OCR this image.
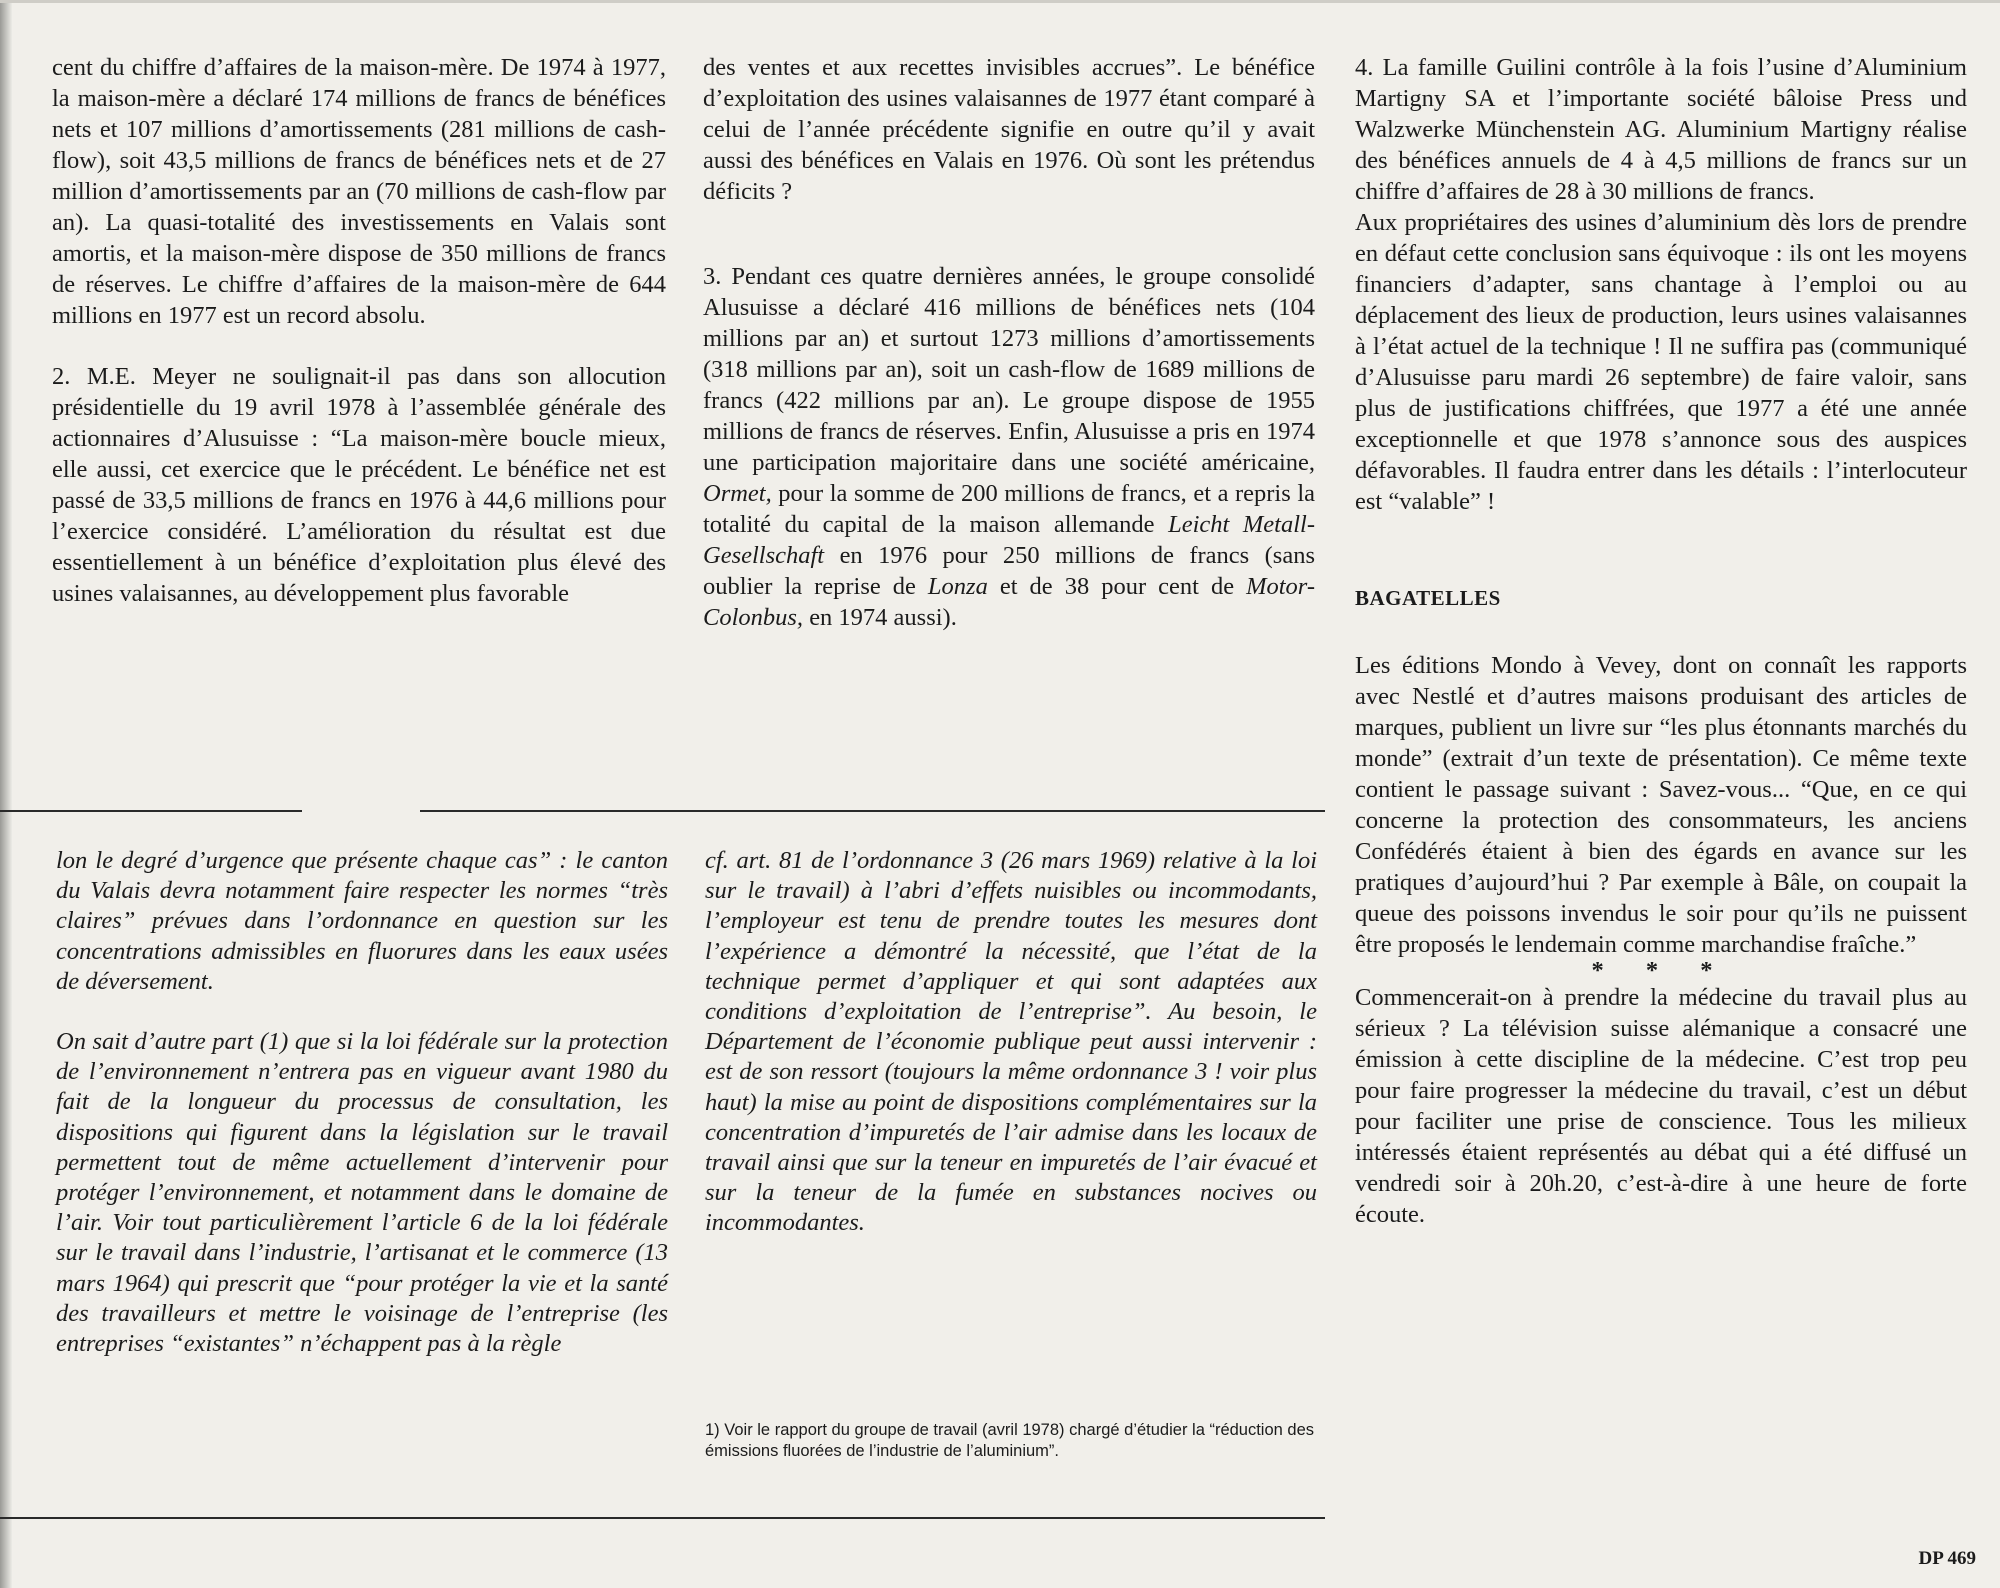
cent du chiffre d’affaires de la maison-mère. De 1974 à 1977, la maison-mère a déclaré 174 millions de francs de bénéfices nets et 107 millions d’amortissements (281 millions de cash-flow), soit 43,5 millions de francs de bénéfices nets et de 27 million d’amortissements par an (70 millions de cash-flow par an). La quasi-totalité des investissements en Valais sont amortis, et la maison-mère dispose de 350 millions de francs de réserves. Le chiffre d’affaires de la maison-mère de 644 millions en 1977 est un record absolu.

2. M.E. Meyer ne soulignait-il pas dans son allocution présidentielle du 19 avril 1978 à l’assemblée générale des actionnaires d’Alusuisse : “La maison-mère boucle mieux, elle aussi, cet exercice que le précédent. Le bénéfice net est passé de 33,5 millions de francs en 1976 à 44,6 millions pour l’exercice considéré. L’amélioration du résultat est due essentiellement à un bénéfice d’exploitation plus élevé des usines valaisannes, au développement plus favorable

des ventes et aux recettes invisibles accrues”. Le bénéfice d’exploitation des usines valaisannes de 1977 étant comparé à celui de l’année précédente signifie en outre qu’il y avait aussi des bénéfices en Valais en 1976. Où sont les prétendus déficits ?

3. Pendant ces quatre dernières années, le groupe consolidé Alusuisse a déclaré 416 millions de bénéfices nets (104 millions par an) et surtout 1273 millions d’amortissements (318 millions par an), soit un cash-flow de 1689 millions de francs (422 millions par an). Le groupe dispose de 1955 millions de francs de réserves. Enfin, Alusuisse a pris en 1974 une participation majoritaire dans une société américaine, Ormet, pour la somme de 200 millions de francs, et a repris la totalité du capital de la maison allemande Leicht Metall-Gesellschaft en 1976 pour 250 millions de francs (sans oublier la reprise de Lonza et de 38 pour cent de Motor-Colonbus, en 1974 aussi).

4. La famille Guilini contrôle à la fois l’usine d’Aluminium Martigny SA et l’importante société bâloise Press und Walzwerke Münchenstein AG. Aluminium Martigny réalise des bénéfices annuels de 4 à 4,5 millions de francs sur un chiffre d’affaires de 28 à 30 millions de francs.

Aux propriétaires des usines d’aluminium dès lors de prendre en défaut cette conclusion sans équivoque : ils ont les moyens financiers d’adapter, sans chantage à l’emploi ou au déplacement des lieux de production, leurs usines valaisannes à l’état actuel de la technique ! Il ne suffira pas (communiqué d’Alusuisse paru mardi 26 septembre) de faire valoir, sans plus de justifications chiffrées, que 1977 a été une année exceptionnelle et que 1978 s’annonce sous des auspices défavorables. Il faudra entrer dans les détails : l’interlocuteur est “valable” !

BAGATELLES

Les éditions Mondo à Vevey, dont on connaît les rapports avec Nestlé et d’autres maisons produisant des articles de marques, publient un livre sur “les plus étonnants marchés du monde” (extrait d’un texte de présentation). Ce même texte contient le passage suivant : Savez-vous... “Que, en ce qui concerne la protection des consommateurs, les anciens Confédérés étaient à bien des égards en avance sur les pratiques d’aujourd’hui ? Par exemple à Bâle, on coupait la queue des poissons invendus le soir pour qu’ils ne puissent être proposés le lendemain comme marchandise fraîche.”

* * *

Commencerait-on à prendre la médecine du travail plus au sérieux ? La télévision suisse alémanique a consacré une émission à cette discipline de la médecine. C’est trop peu pour faire progresser la médecine du travail, c’est un début pour faciliter une prise de conscience. Tous les milieux intéressés étaient représentés au débat qui a été diffusé un vendredi soir à 20h.20, c’est-à-dire à une heure de forte écoute.

lon le degré d’urgence que présente chaque cas” : le canton du Valais devra notamment faire respecter les normes “très claires” prévues dans l’ordonnance en question sur les concentrations admissibles en fluorures dans les eaux usées de déversement.

On sait d’autre part (1) que si la loi fédérale sur la protection de l’environnement n’entrera pas en vigueur avant 1980 du fait de la longueur du processus de consultation, les dispositions qui figurent dans la législation sur le travail permettent tout de même actuellement d’intervenir pour protéger l’environnement, et notamment dans le domaine de l’air. Voir tout particulièrement l’article 6 de la loi fédérale sur le travail dans l’industrie, l’artisanat et le commerce (13 mars 1964) qui prescrit que “pour protéger la vie et la santé des travailleurs et mettre le voisinage de l’entreprise (les entreprises “existantes” n’échappent pas à la règle

cf. art. 81 de l’ordonnance 3 (26 mars 1969) relative à la loi sur le travail) à l’abri d’effets nuisibles ou incommodants, l’employeur est tenu de prendre toutes les mesures dont l’expérience a démontré la nécessité, que l’état de la technique permet d’appliquer et qui sont adaptées aux conditions d’exploitation de l’entreprise”. Au besoin, le Département de l’économie publique peut aussi intervenir : est de son ressort (toujours la même ordonnance 3 ! voir plus haut) la mise au point de dispositions complémentaires sur la concentration d’impuretés de l’air admise dans les locaux de travail ainsi que sur la teneur en impuretés de l’air évacué et sur la teneur de la fumée en substances nocives ou incommodantes.

1) Voir le rapport du groupe de travail (avril 1978) chargé d’étudier la “réduction des émissions fluorées de l’industrie de l’aluminium”.

DP 469
